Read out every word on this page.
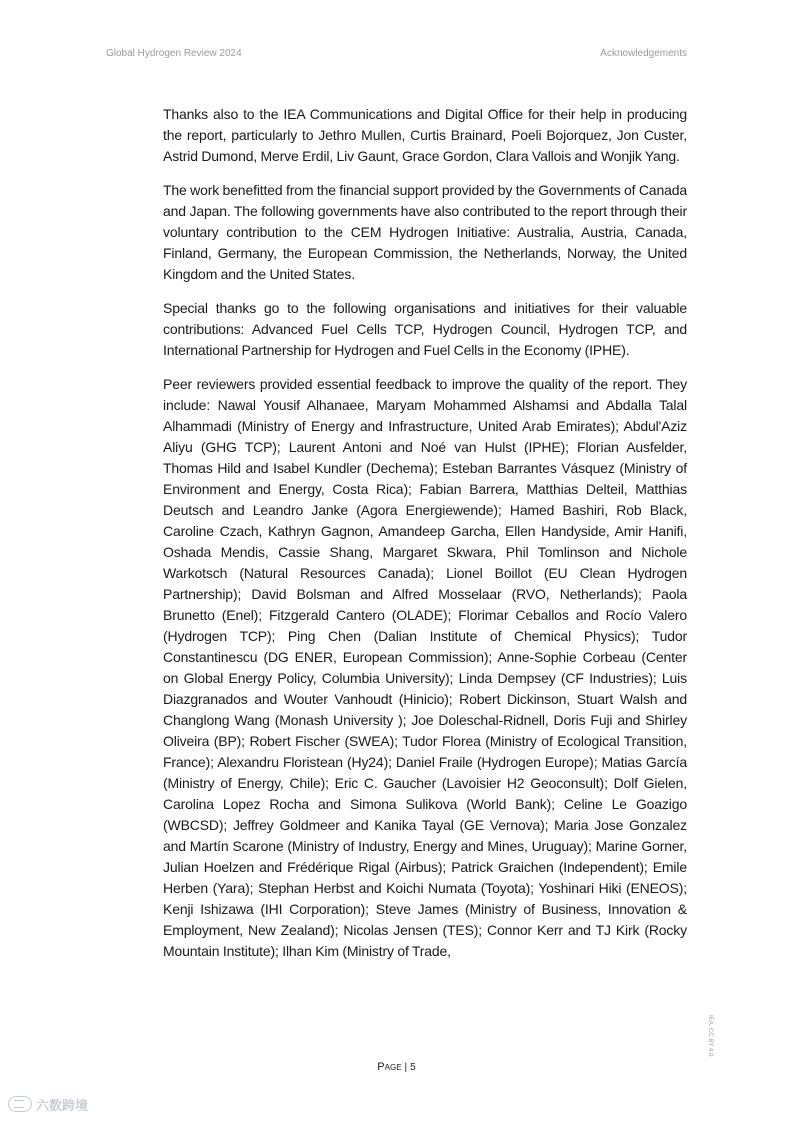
Global Hydrogen Review 2024	Acknowledgements

Thanks also to the IEA Communications and Digital Office for their help in producing the report, particularly to Jethro Mullen, Curtis Brainard, Poeli Bojorquez, Jon Custer, Astrid Dumond, Merve Erdil, Liv Gaunt, Grace Gordon, Clara Vallois and Wonjik Yang.

The work benefitted from the financial support provided by the Governments of Canada and Japan. The following governments have also contributed to the report through their voluntary contribution to the CEM Hydrogen Initiative: Australia, Austria, Canada, Finland, Germany, the European Commission, the Netherlands, Norway, the United Kingdom and the United States.

Special thanks go to the following organisations and initiatives for their valuable contributions: Advanced Fuel Cells TCP, Hydrogen Council, Hydrogen TCP, and International Partnership for Hydrogen and Fuel Cells in the Economy (IPHE).

Peer reviewers provided essential feedback to improve the quality of the report. They include: Nawal Yousif Alhanaee, Maryam Mohammed Alshamsi and Abdalla Talal Alhammadi (Ministry of Energy and Infrastructure, United Arab Emirates); Abdul'Aziz Aliyu (GHG TCP); Laurent Antoni and Noé van Hulst (IPHE); Florian Ausfelder, Thomas Hild and Isabel Kundler (Dechema); Esteban Barrantes Vásquez (Ministry of Environment and Energy, Costa Rica); Fabian Barrera, Matthias Delteil, Matthias Deutsch and Leandro Janke (Agora Energiewende); Hamed Bashiri, Rob Black, Caroline Czach, Kathryn Gagnon, Amandeep Garcha, Ellen Handyside, Amir Hanifi, Oshada Mendis, Cassie Shang, Margaret Skwara, Phil Tomlinson and Nichole Warkotsch (Natural Resources Canada); Lionel Boillot (EU Clean Hydrogen Partnership); David Bolsman and Alfred Mosselaar (RVO, Netherlands); Paola Brunetto (Enel); Fitzgerald Cantero (OLADE); Florimar Ceballos and Rocío Valero (Hydrogen TCP); Ping Chen (Dalian Institute of Chemical Physics); Tudor Constantinescu (DG ENER, European Commission); Anne-Sophie Corbeau (Center on Global Energy Policy, Columbia University); Linda Dempsey (CF Industries); Luis Diazgranados and Wouter Vanhoudt (Hinicio); Robert Dickinson, Stuart Walsh and Changlong Wang (Monash University ); Joe Doleschal-Ridnell, Doris Fuji and Shirley Oliveira (BP); Robert Fischer (SWEA); Tudor Florea (Ministry of Ecological Transition, France); Alexandru Floristean (Hy24); Daniel Fraile (Hydrogen Europe); Matias García (Ministry of Energy, Chile); Eric C. Gaucher (Lavoisier H2 Geoconsult); Dolf Gielen, Carolina Lopez Rocha and Simona Sulikova (World Bank); Celine Le Goazigo (WBCSD); Jeffrey Goldmeer and Kanika Tayal (GE Vernova); Maria Jose Gonzalez and Martín Scarone (Ministry of Industry, Energy and Mines, Uruguay); Marine Gorner, Julian Hoelzen and Frédérique Rigal (Airbus); Patrick Graichen (Independent); Emile Herben (Yara); Stephan Herbst and Koichi Numata (Toyota); Yoshinari Hiki (ENEOS); Kenji Ishizawa (IHI Corporation); Steve James (Ministry of Business, Innovation & Employment, New Zealand); Nicolas Jensen (TES); Connor Kerr and TJ Kirk (Rocky Mountain Institute); Ilhan Kim (Ministry of Trade,

Page | 5
IEA. CC BY 4.0.
六数跨境
